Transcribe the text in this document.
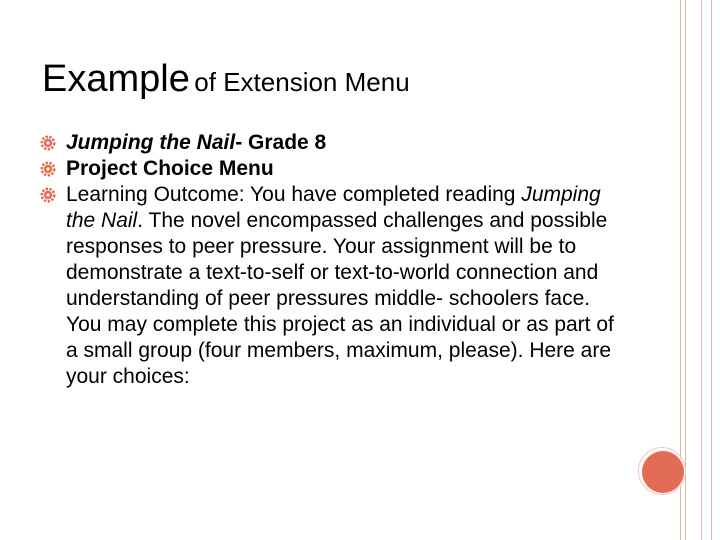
Example of Extension Menu
Jumping the Nail- Grade 8
Project Choice Menu
Learning Outcome: You have completed reading Jumping the Nail. The novel encompassed challenges and possible responses to peer pressure. Your assignment will be to demonstrate a text-to-self or text-to-world connection and understanding of peer pressures middle- schoolers face. You may complete this project as an individual or as part of a small group (four members, maximum, please). Here are your choices:
